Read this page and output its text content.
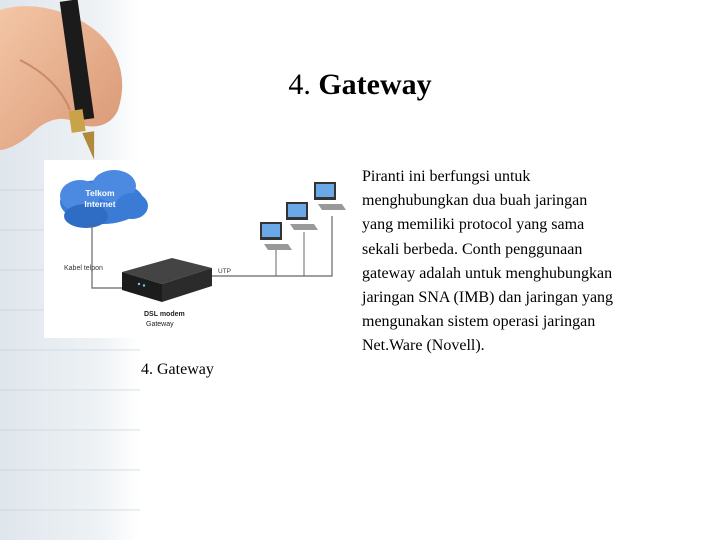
4. Gateway
Telkom
Internet
Kabel telpon
DSL modem
Gateway
UTP
4. Gateway
Piranti ini berfungsi untuk
menghubungkan dua buah jaringan
yang memiliki protocol yang sama
sekali berbeda. Conth penggunaan
gateway adalah untuk menghubungkan
jaringan SNA (IMB) dan jaringan yang
mengunakan sistem operasi jaringan
Net.Ware (Novell).
